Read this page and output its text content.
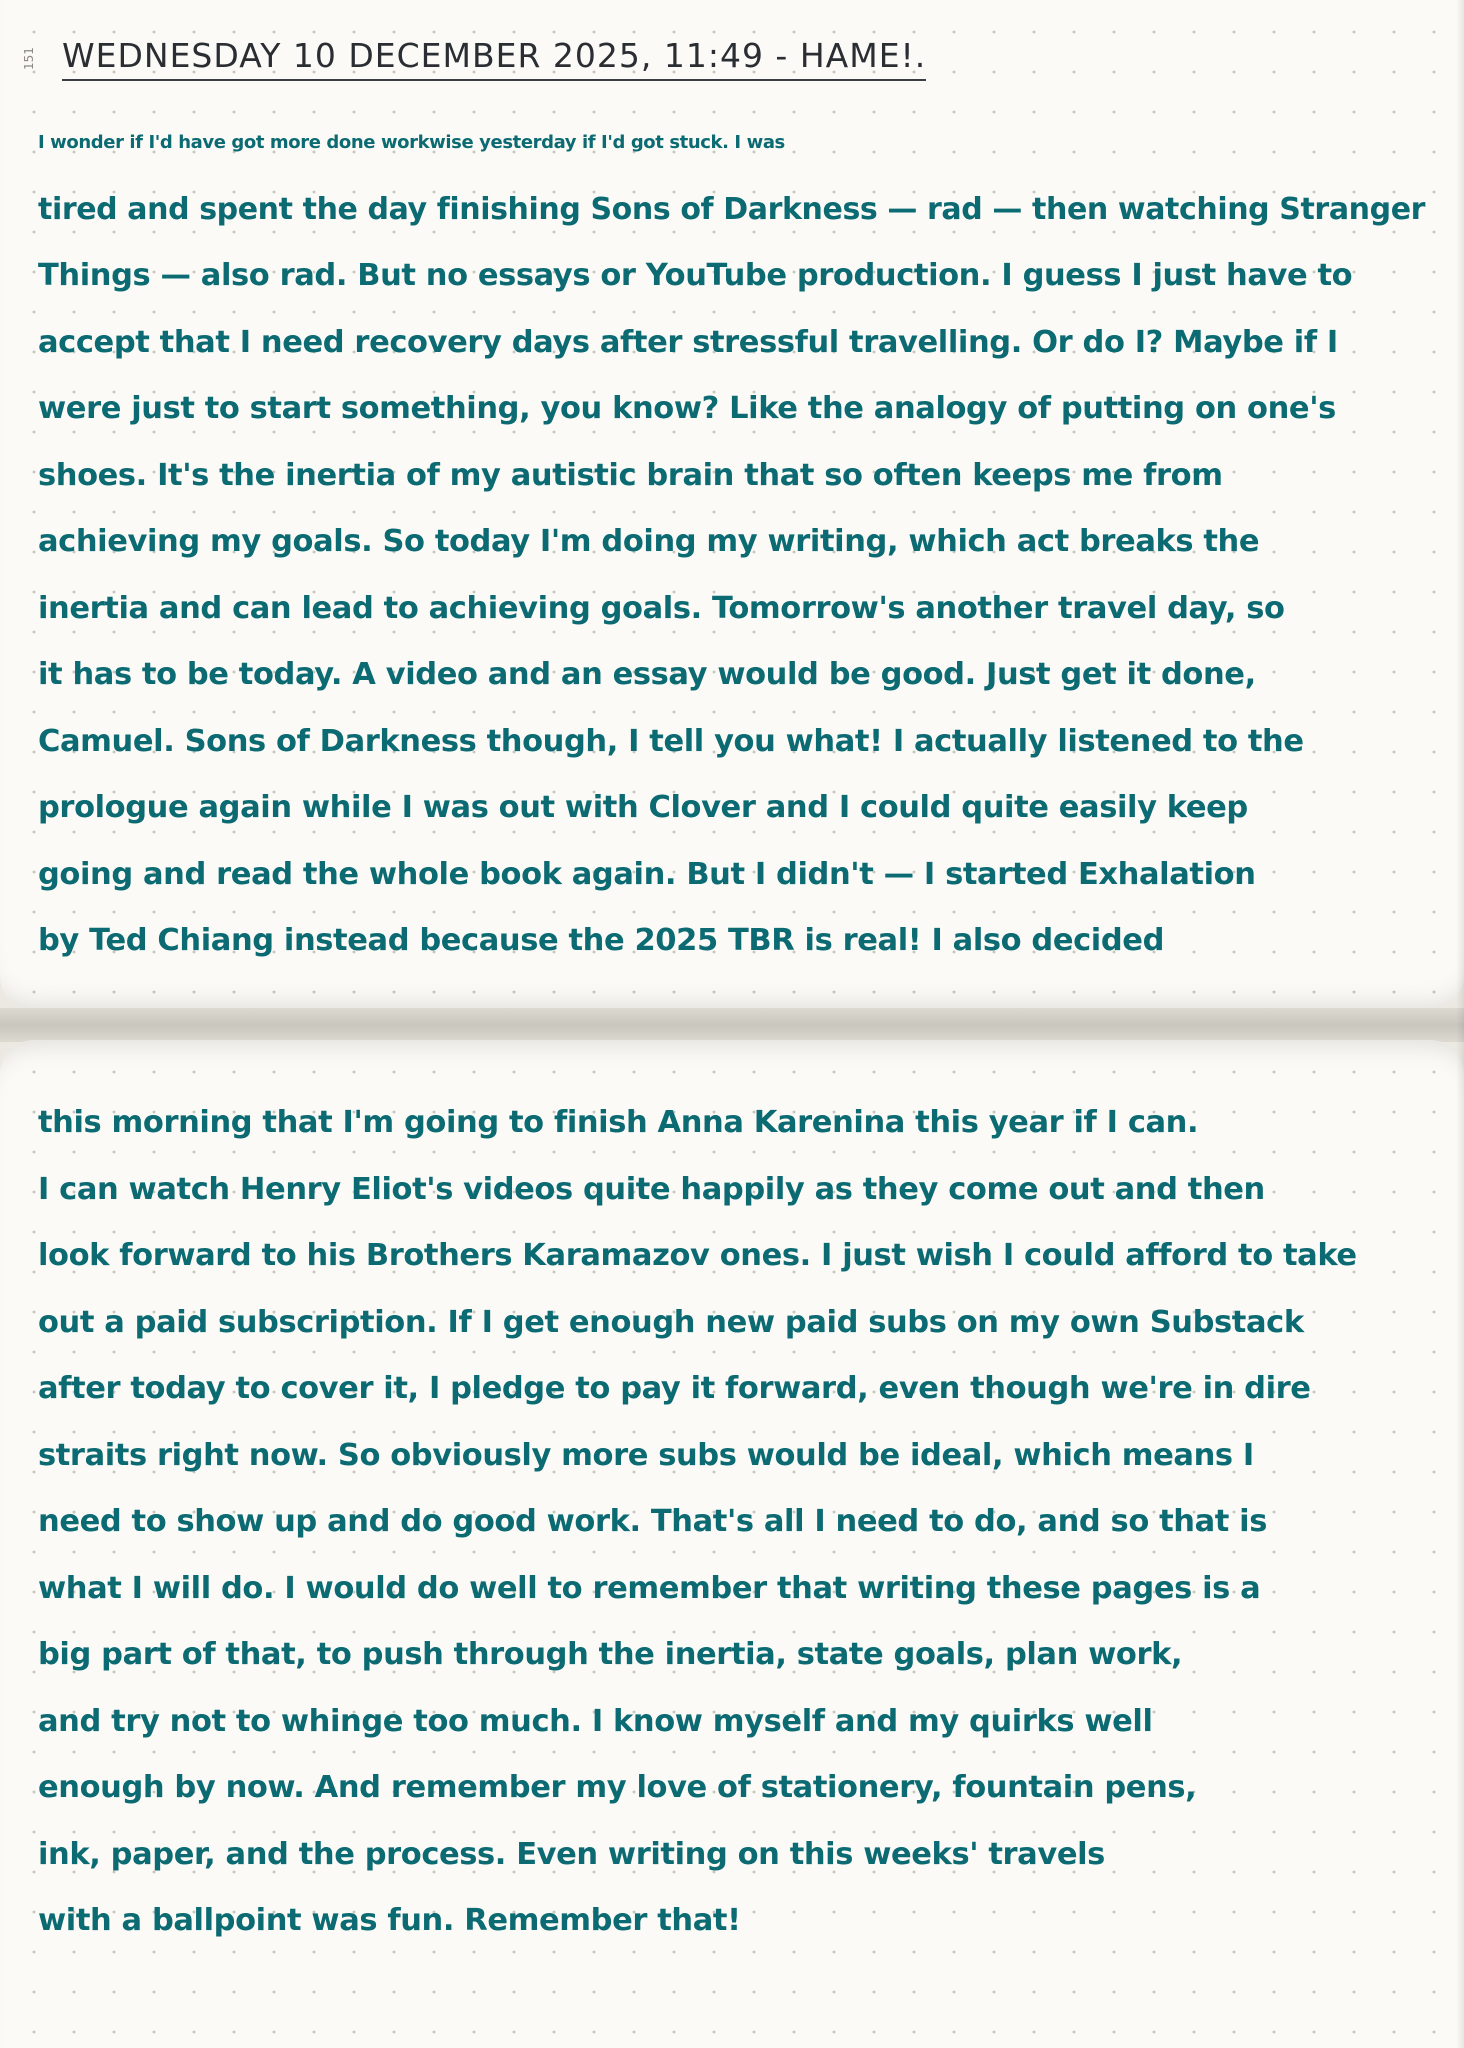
151 WEDNESDAY 10 DECEMBER 2025, 11:49 - HAME!.
I wonder if I'd have got more done workwise yesterday if I'd got stuck. I was
tired and spent the day finishing Sons of Darkness — rad — then watching Stranger
Things — also rad. But no essays or YouTube production. I guess I just have to
accept that I need recovery days after stressful travelling. Or do I? Maybe if I
were just to start something, you know? Like the analogy of putting on one's
shoes. It's the inertia of my autistic brain that so often keeps me from
achieving my goals. So today I'm doing my writing, which act breaks the
inertia and can lead to achieving goals. Tomorrow's another travel day, so
it has to be today. A video and an essay would be good. Just get it done,
Camuel. Sons of Darkness though, I tell you what! I actually listened to the
prologue again while I was out with Clover and I could quite easily keep
going and read the whole book again. But I didn't — I started Exhalation
by Ted Chiang instead because the 2025 TBR is real! I also decided
this morning that I'm going to finish Anna Karenina this year if I can.
I can watch Henry Eliot's videos quite happily as they come out and then
look forward to his Brothers Karamazov ones. I just wish I could afford to take
out a paid subscription. If I get enough new paid subs on my own Substack
after today to cover it, I pledge to pay it forward, even though we're in dire
straits right now. So obviously more subs would be ideal, which means I
need to show up and do good work. That's all I need to do, and so that is
what I will do. I would do well to remember that writing these pages is a
big part of that, to push through the inertia, state goals, plan work,
and try not to whinge too much. I know myself and my quirks well
enough by now. And remember my love of stationery, fountain pens,
ink, paper, and the process. Even writing on this weeks' travels
with a ballpoint was fun. Remember that!
